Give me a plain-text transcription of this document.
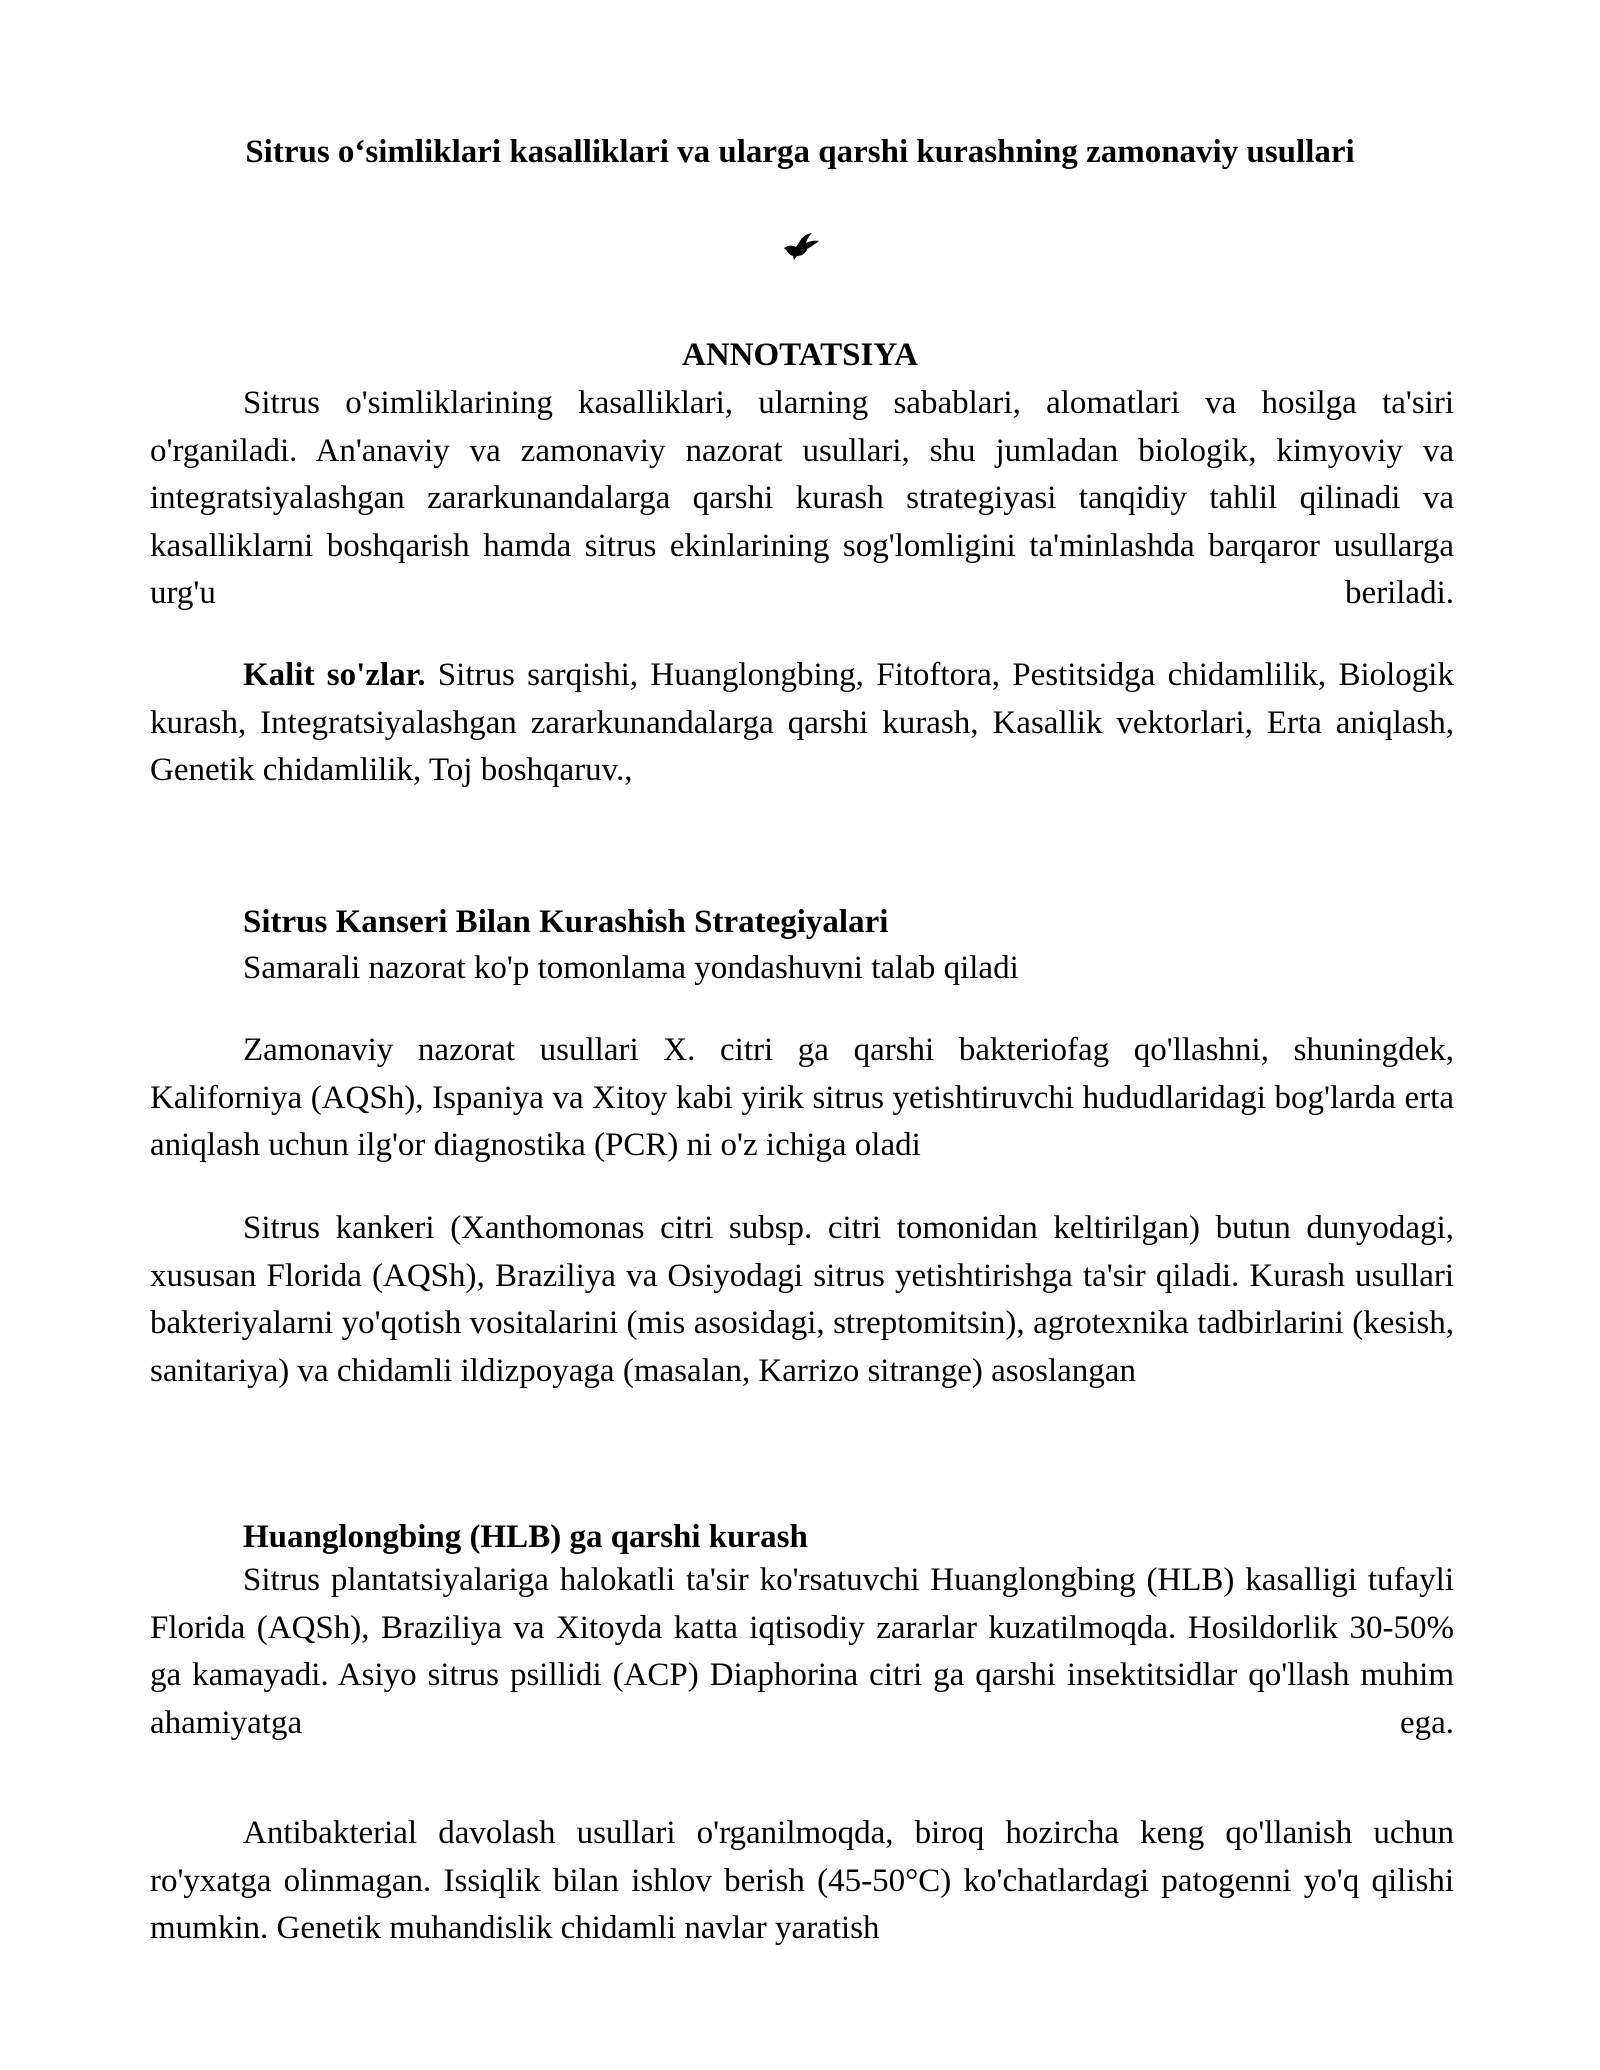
Sitrus o‘simliklari kasalliklari va ularga qarshi kurashning zamonaviy usullari
ANNOTATSIYA

Sitrus o'simliklarining kasalliklari, ularning sabablari, alomatlari va hosilga ta'siri o'rganiladi. An'anaviy va zamonaviy nazorat usullari, shu jumladan biologik, kimyoviy va integratsiyalashgan zararkunandalarga qarshi kurash strategiyasi tanqidiy tahlil qilinadi va kasalliklarni boshqarish hamda sitrus ekinlarining sog'lomligini ta'minlashda barqaror usullarga urg'u beriladi.

Kalit so'zlar. Sitrus sarqishi, Huanglongbing, Fitoftora, Pestitsidga chidamlilik, Biologik kurash, Integratsiyalashgan zararkunandalarga qarshi kurash, Kasallik vektorlari, Erta aniqlash, Genetik chidamlilik, Toj boshqaruv.,

Sitrus Kanseri Bilan Kurashish Strategiyalari
Samarali nazorat ko'p tomonlama yondashuvni talab qiladi

Zamonaviy nazorat usullari X. citri ga qarshi bakteriofag qo'llashni, shuningdek, Kaliforniya (AQSh), Ispaniya va Xitoy kabi yirik sitrus yetishtiruvchi hududlaridagi bog'larda erta aniqlash uchun ilg'or diagnostika (PCR) ni o'z ichiga oladi

Sitrus kankeri (Xanthomonas citri subsp. citri tomonidan keltirilgan) butun dunyodagi, xususan Florida (AQSh), Braziliya va Osiyodagi sitrus yetishtirishga ta'sir qiladi. Kurash usullari bakteriyalarni yo'qotish vositalarini (mis asosidagi, streptomitsin), agrotexnika tadbirlarini (kesish, sanitariya) va chidamli ildizpoyaga (masalan, Karrizo sitrange) asoslangan

Huanglongbing (HLB) ga qarshi kurash

Sitrus plantatsiyalariga halokatli ta'sir ko'rsatuvchi Huanglongbing (HLB) kasalligi tufayli Florida (AQSh), Braziliya va Xitoyda katta iqtisodiy zararlar kuzatilmoqda. Hosildorlik 30-50% ga kamayadi. Asiyo sitrus psillidi (ACP) Diaphorina citri ga qarshi insektitsidlar qo'llash muhim ahamiyatga ega.

Antibakterial davolash usullari o'rganilmoqda, biroq hozircha keng qo'llanish uchun ro'yxatga olinmagan. Issiqlik bilan ishlov berish (45-50°C) ko'chatlardagi patogenni yo'q qilishi mumkin. Genetik muhandislik chidamli navlar yaratish
